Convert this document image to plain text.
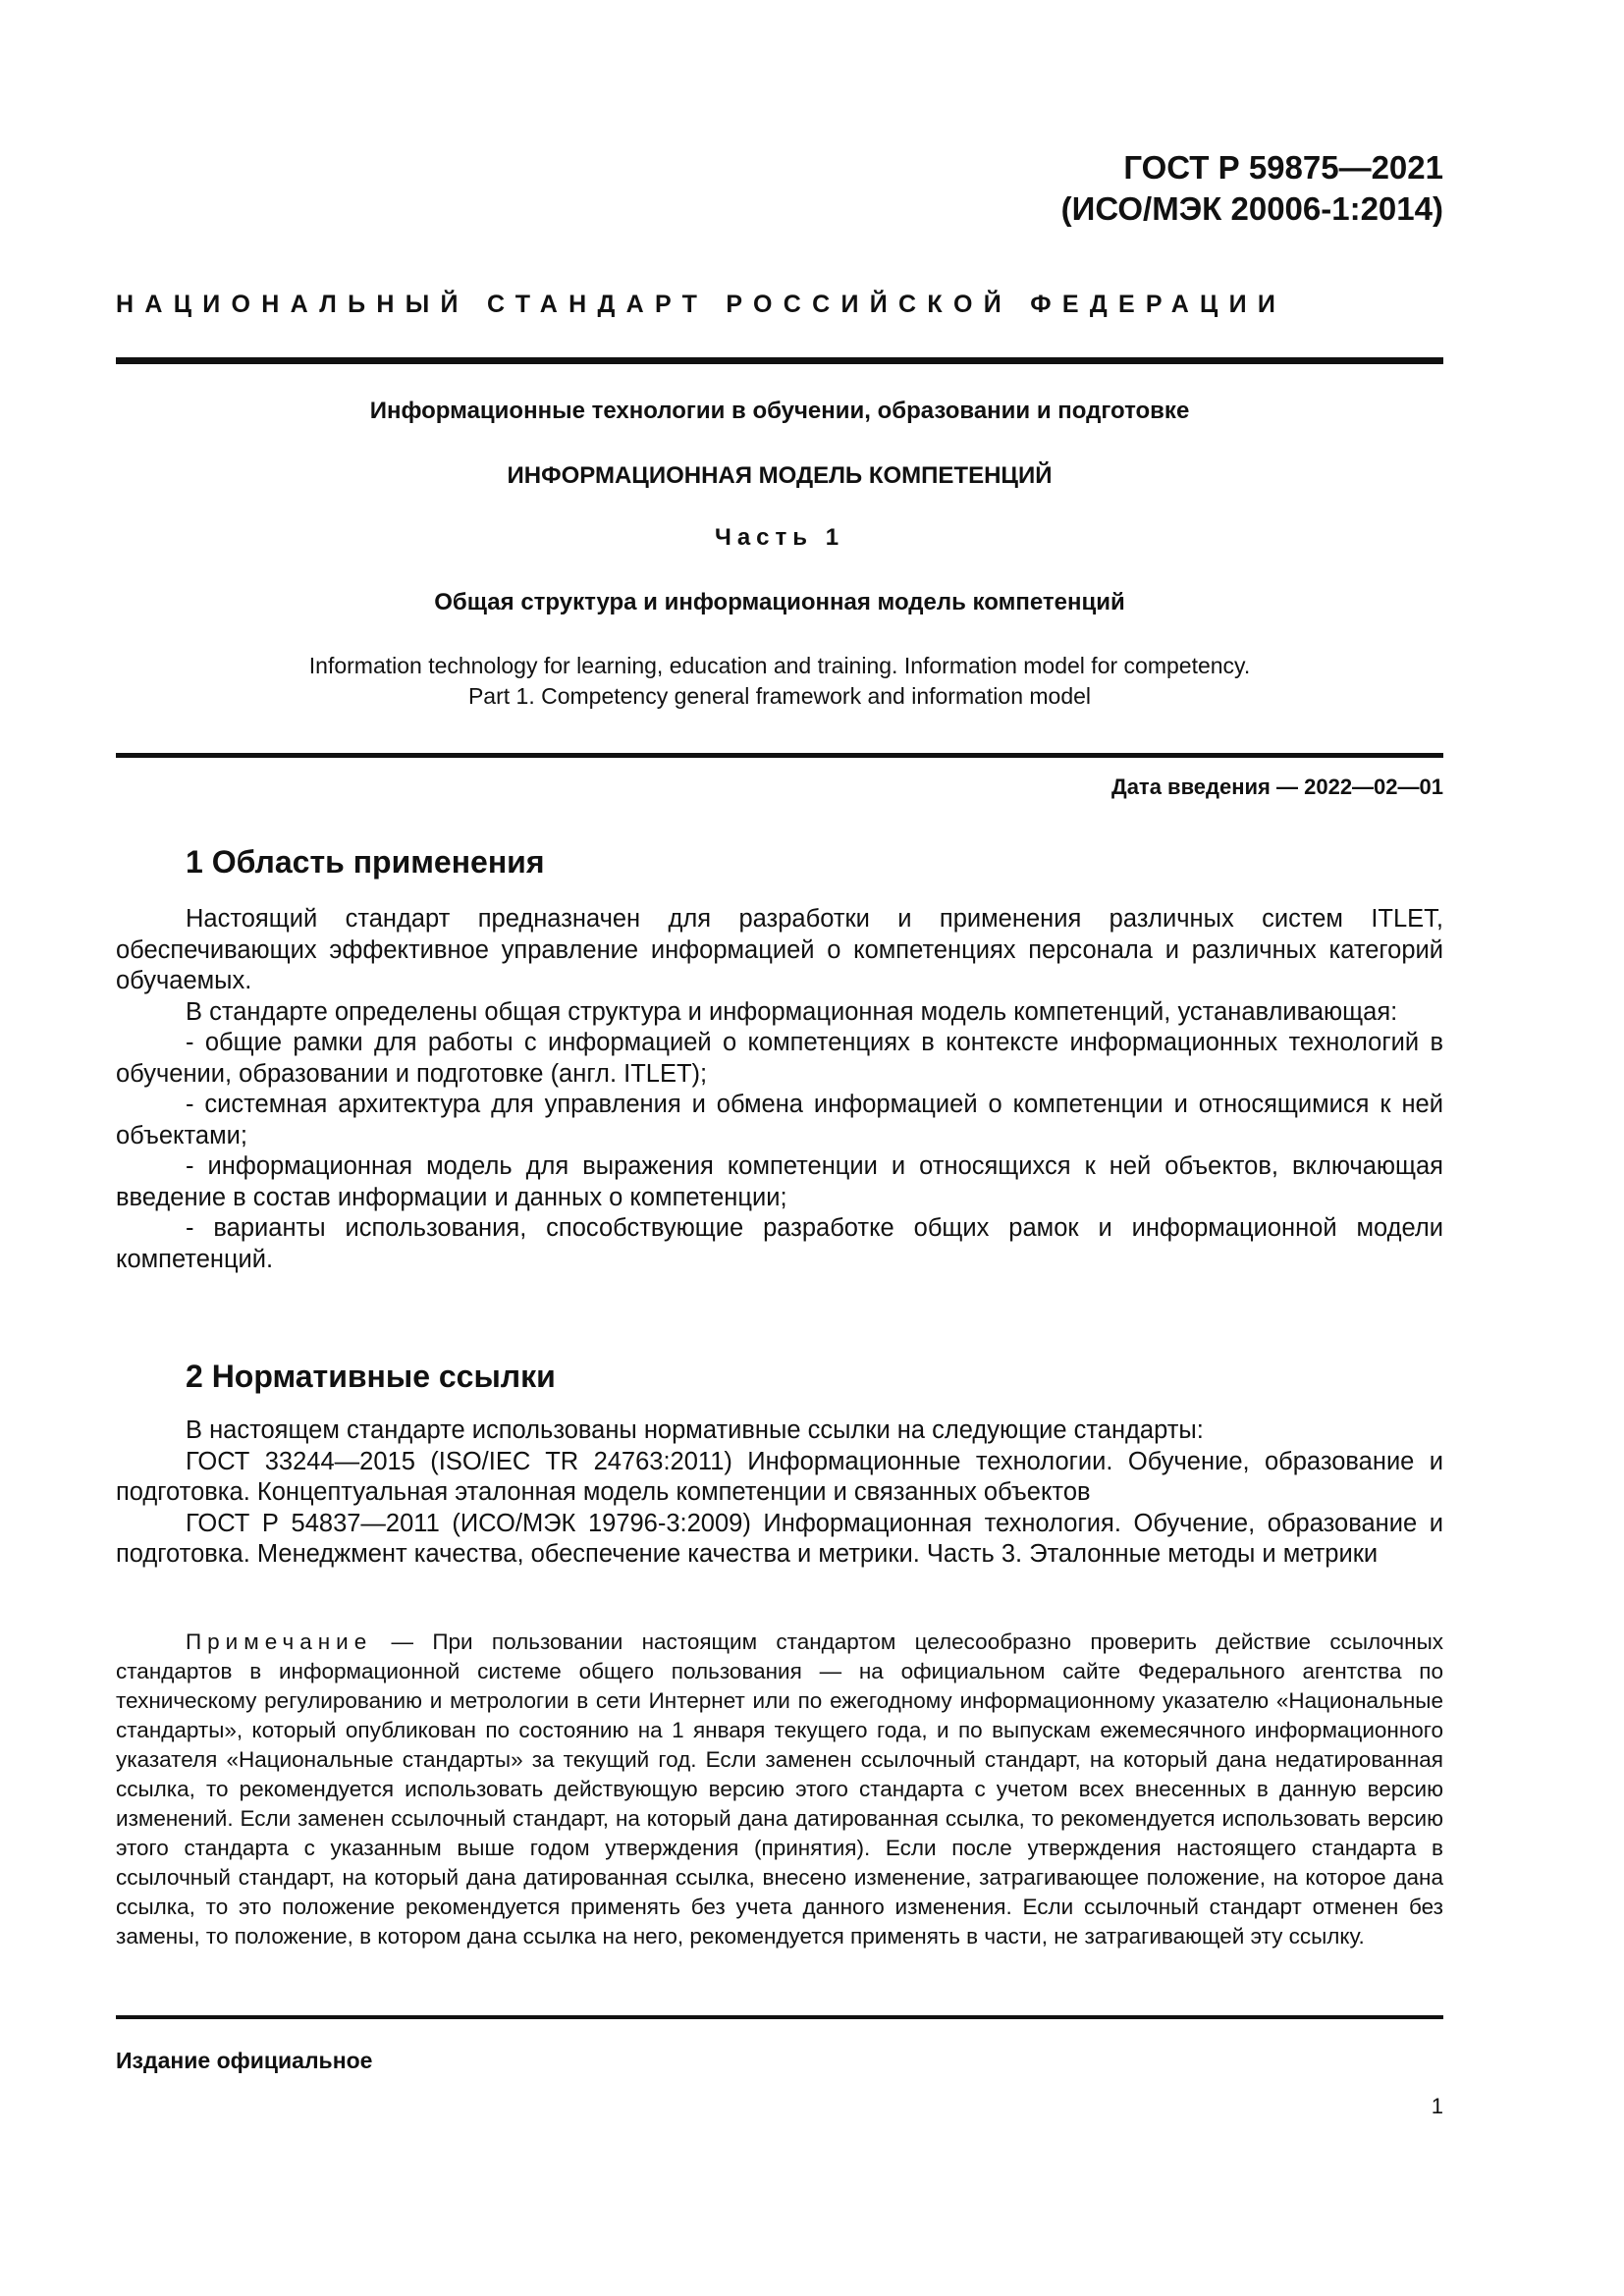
ГОСТ Р 59875—2021
(ИСО/МЭК 20006-1:2014)
НАЦИОНАЛЬНЫЙ СТАНДАРТ РОССИЙСКОЙ ФЕДЕРАЦИИ
Информационные технологии в обучении, образовании и подготовке
ИНФОРМАЦИОННАЯ МОДЕЛЬ КОМПЕТЕНЦИЙ
Часть 1
Общая структура и информационная модель компетенций
Information technology for learning, education and training. Information model for competency.
Part 1. Competency general framework and information model
Дата введения — 2022—02—01
1 Область применения

Настоящий стандарт предназначен для разработки и применения различных систем ITLET, обеспечивающих эффективное управление информацией о компетенциях персонала и различных категорий обучаемых.

В стандарте определены общая структура и информационная модель компетенций, устанавливающая:

- общие рамки для работы с информацией о компетенциях в контексте информационных технологий в обучении, образовании и подготовке (англ. ITLET);

- системная архитектура для управления и обмена информацией о компетенции и относящимися к ней объектами;

- информационная модель для выражения компетенции и относящихся к ней объектов, включающая введение в состав информации и данных о компетенции;

- варианты использования, способствующие разработке общих рамок и информационной модели компетенций.

2 Нормативные ссылки

В настоящем стандарте использованы нормативные ссылки на следующие стандарты:

ГОСТ 33244—2015 (ISO/IEC TR 24763:2011) Информационные технологии. Обучение, образование и подготовка. Концептуальная эталонная модель компетенции и связанных объектов

ГОСТ Р 54837—2011 (ИСО/МЭК 19796-3:2009) Информационная технология. Обучение, образование и подготовка. Менеджмент качества, обеспечение качества и метрики. Часть 3. Эталонные методы и метрики

Примечание — При пользовании настоящим стандартом целесообразно проверить действие ссылочных стандартов в информационной системе общего пользования — на официальном сайте Федерального агентства по техническому регулированию и метрологии в сети Интернет или по ежегодному информационному указателю «Национальные стандарты», который опубликован по состоянию на 1 января текущего года, и по выпускам ежемесячного информационного указателя «Национальные стандарты» за текущий год. Если заменен ссылочный стандарт, на который дана недатированная ссылка, то рекомендуется использовать действующую версию этого стандарта с учетом всех внесенных в данную версию изменений. Если заменен ссылочный стандарт, на который дана датированная ссылка, то рекомендуется использовать версию этого стандарта с указанным выше годом утверждения (принятия). Если после утверждения настоящего стандарта в ссылочный стандарт, на который дана датированная ссылка, внесено изменение, затрагивающее положение, на которое дана ссылка, то это положение рекомендуется применять без учета данного изменения. Если ссылочный стандарт отменен без замены, то положение, в котором дана ссылка на него, рекомендуется применять в части, не затрагивающей эту ссылку.

Издание официальное
1
